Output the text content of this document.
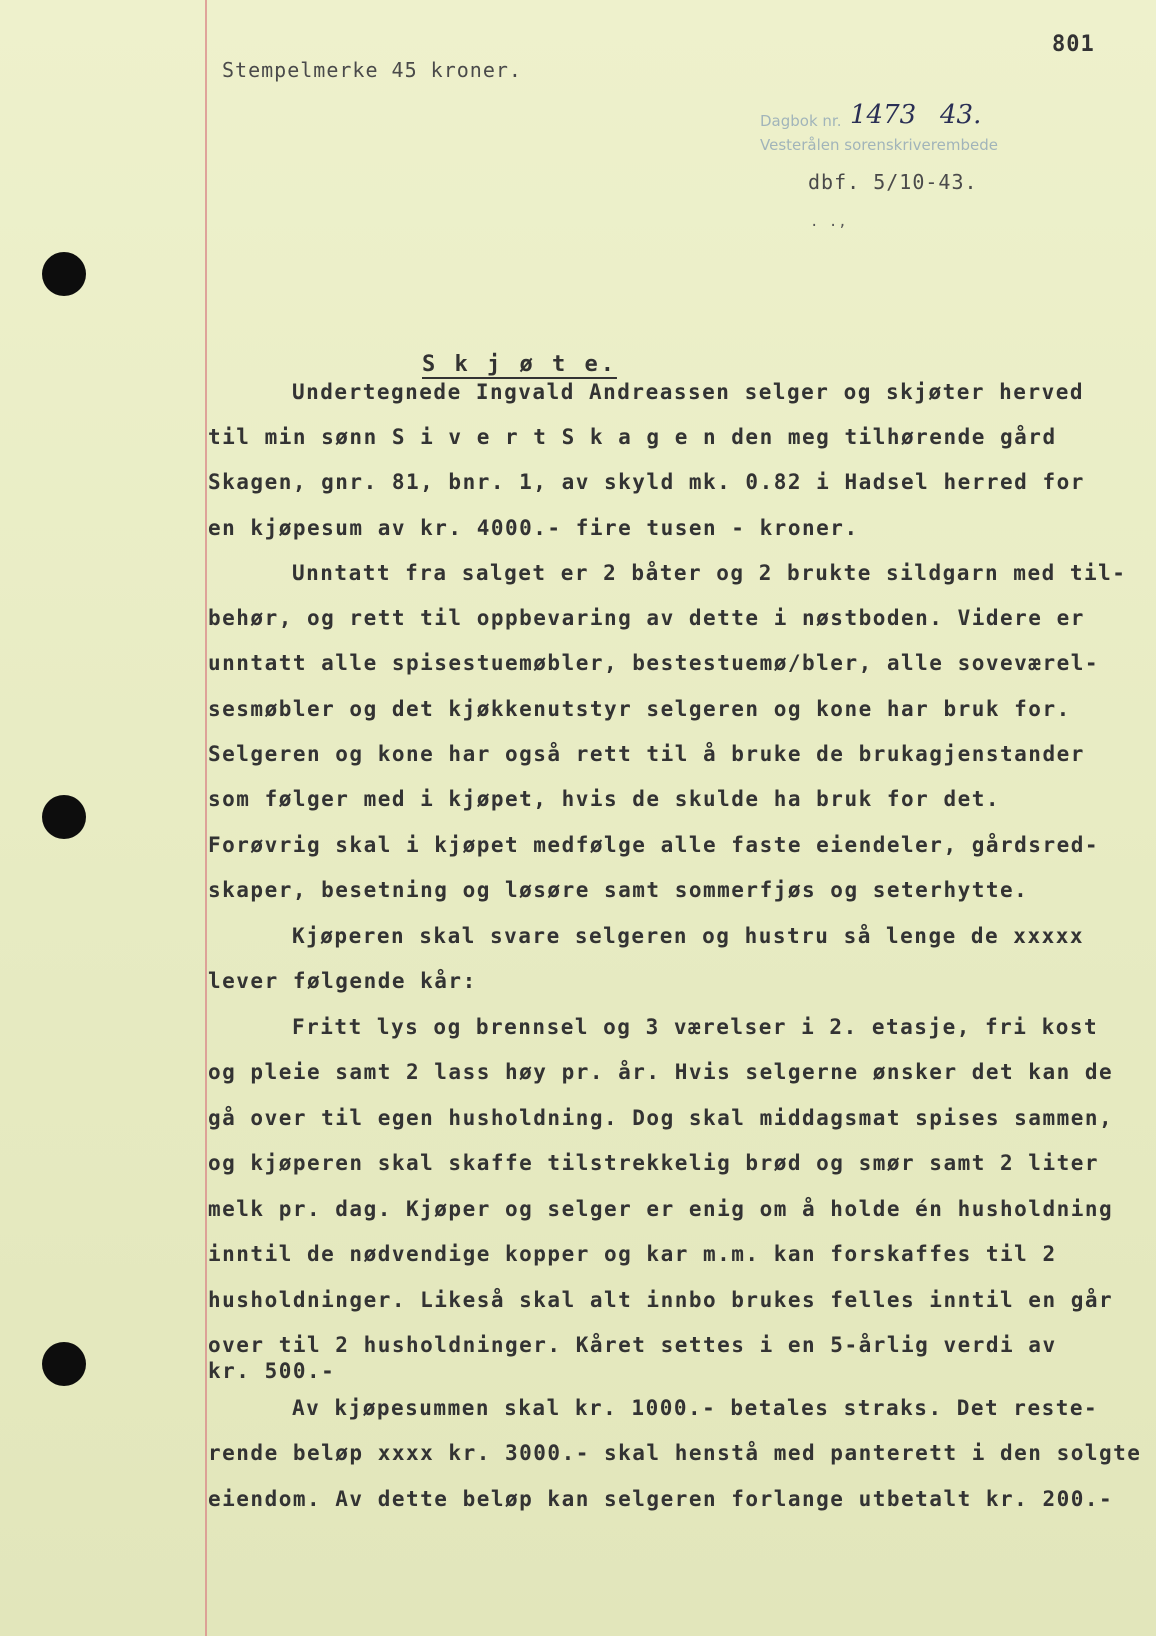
801
Stempelmerke 45 kroner.
Dagbok nr.
Vesterålen sorenskriverembede
1473 43.
dbf. 5/10-43.
. .,
S k j ø t e.
Undertegnede Ingvald Andreassen selger og skjøter herved
til min sønn S i v e r t S k a g e n den meg tilhørende gård
Skagen, gnr. 81, bnr. 1, av skyld mk. 0.82 i Hadsel herred for
en kjøpesum av kr. 4000.- fire tusen - kroner.
Unntatt fra salget er 2 båter og 2 brukte sildgarn med til-
behør, og rett til oppbevaring av dette i nøstboden. Videre er
unntatt alle spisestuemøbler, bestestuemø/bler, alle soveværel-
sesmøbler og det kjøkkenutstyr selgeren og kone har bruk for.
Selgeren og kone har også rett til å bruke de brukagjenstander
som følger med i kjøpet, hvis de skulde ha bruk for det.
Forøvrig skal i kjøpet medfølge alle faste eiendeler, gårdsred-
skaper, besetning og løsøre samt sommerfjøs og seterhytte.
Kjøperen skal svare selgeren og hustru så lenge de xxxxx
lever følgende kår:
Fritt lys og brennsel og 3 værelser i 2. etasje, fri kost
og pleie samt 2 lass høy pr. år. Hvis selgerne ønsker det kan de
gå over til egen husholdning. Dog skal middagsmat spises sammen,
og kjøperen skal skaffe tilstrekkelig brød og smør samt 2 liter
melk pr. dag. Kjøper og selger er enig om å holde én husholdning
inntil de nødvendige kopper og kar m.m. kan forskaffes til 2
husholdninger. Likeså skal alt innbo brukes felles inntil en går
over til 2 husholdninger. Kåret settes i en 5-årlig verdi av
kr. 500.-
Av kjøpesummen skal kr. 1000.- betales straks. Det reste-
rende beløp xxxx kr. 3000.- skal henstå med panterett i den solgte
eiendom. Av dette beløp kan selgeren forlange utbetalt kr. 200.-
